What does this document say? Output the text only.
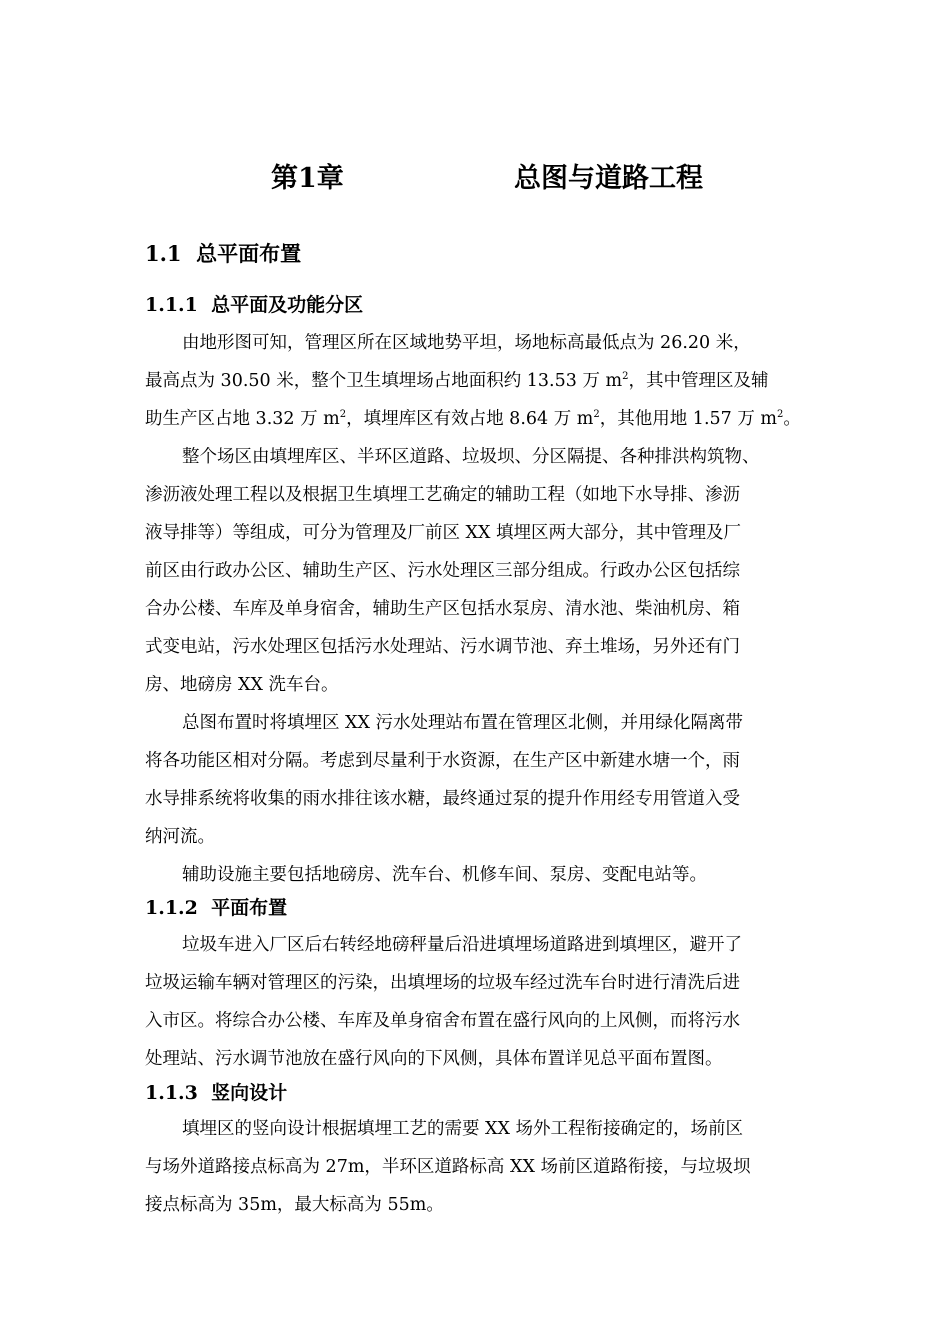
第1章	总图与道路工程
1.1 总平面布置
1.1.1 总平面及功能分区
由地形图可知，管理区所在区域地势平坦，场地标高最低点为 26.20 米，
最高点为 30.50 米，整个卫生填埋场占地面积约 13.53 万 $m^2$，其中管理区及辅
助生产区占地 3.32 万 $m^2$，填埋库区有效占地 8.64 万 $m^2$，其他用地 1.57 万 $m^2$。
整个场区由填埋库区、半环区道路、垃圾坝、分区隔提、各种排洪构筑物、
渗沥液处理工程以及根据卫生填埋工艺确定的辅助工程（如地下水导排、渗沥
液导排等）等组成，可分为管理及厂前区 XX 填埋区两大部分，其中管理及厂
前区由行政办公区、辅助生产区、污水处理区三部分组成。行政办公区包括综
合办公楼、车库及单身宿舍，辅助生产区包括水泵房、清水池、柴油机房、箱
式变电站，污水处理区包括污水处理站、污水调节池、弃土堆场，另外还有门
房、地磅房 XX 洗车台。
总图布置时将填埋区 XX 污水处理站布置在管理区北侧，并用绿化隔离带
将各功能区相对分隔。考虑到尽量利于水资源，在生产区中新建水塘一个，雨
水导排系统将收集的雨水排往该水糖，最终通过泵的提升作用经专用管道入受
纳河流。
辅助设施主要包括地磅房、洗车台、机修车间、泵房、变配电站等。
1.1.2 平面布置
垃圾车进入厂区后右转经地磅秤量后沿进填埋场道路进到填埋区，避开了
垃圾运输车辆对管理区的污染，出填埋场的垃圾车经过洗车台时进行清洗后进
入市区。将综合办公楼、车库及单身宿舍布置在盛行风向的上风侧，而将污水
处理站、污水调节池放在盛行风向的下风侧，具体布置详见总平面布置图。
1.1.3 竖向设计
填埋区的竖向设计根据填埋工艺的需要 XX 场外工程衔接确定的，场前区
与场外道路接点标高为 27m，半环区道路标高 XX 场前区道路衔接，与垃圾坝
接点标高为 35m，最大标高为 55m。
